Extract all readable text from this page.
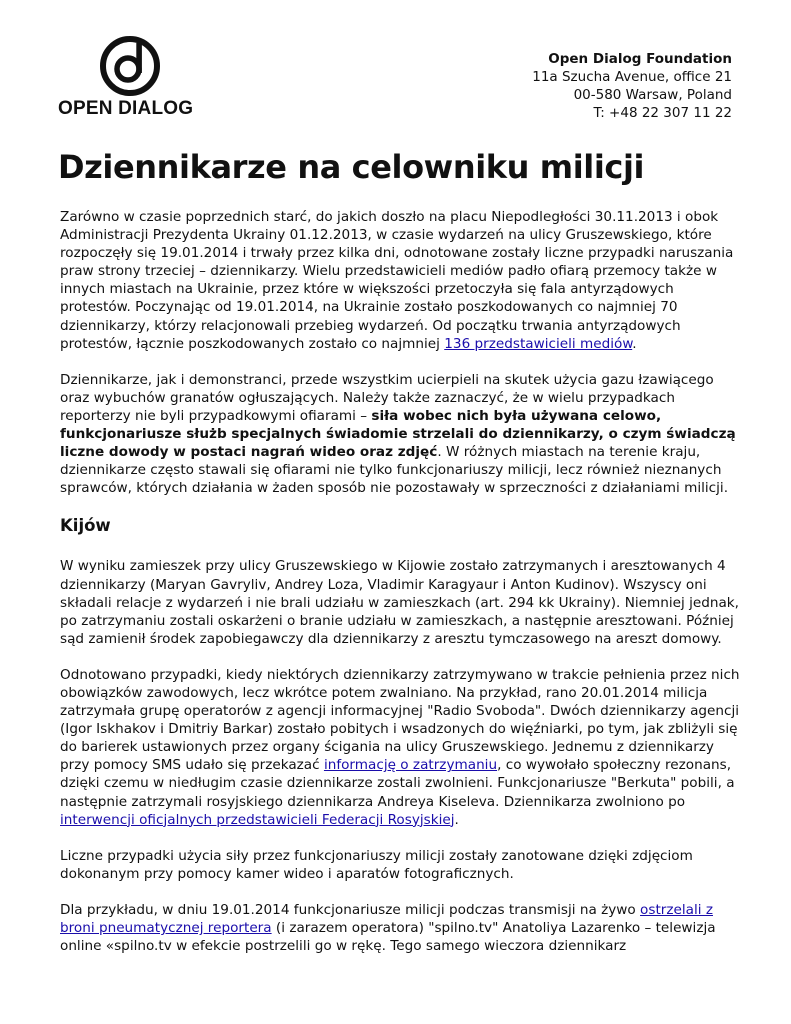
OPEN DIALOG
Open Dialog Foundation
11a Szucha Avenue, office 21
00-580 Warsaw, Poland
T: +48 22 307 11 22
Dziennikarze na celowniku milicji

Zarówno w czasie poprzednich starć, do jakich doszło na placu Niepodległości 30.11.2013 i obok Administracji Prezydenta Ukrainy 01.12.2013, w czasie wydarzeń na ulicy Gruszewskiego, które rozpoczęły się 19.01.2014 i trwały przez kilka dni, odnotowane zostały liczne przypadki naruszania praw strony trzeciej – dziennikarzy. Wielu przedstawicieli mediów padło ofiarą przemocy także w innych miastach na Ukrainie, przez które w większości przetoczyła się fala antyrządowych protestów. Poczynając od 19.01.2014, na Ukrainie zostało poszkodowanych co najmniej 70 dziennikarzy, którzy relacjonowali przebieg wydarzeń. Od początku trwania antyrządowych protestów, łącznie poszkodowanych zostało co najmniej 136 przedstawicieli mediów.

Dziennikarze, jak i demonstranci, przede wszystkim ucierpieli na skutek użycia gazu łzawiącego oraz wybuchów granatów ogłuszających. Należy także zaznaczyć, że w wielu przypadkach reporterzy nie byli przypadkowymi ofiarami – siła wobec nich była używana celowo, funkcjonariusze służb specjalnych świadomie strzelali do dziennikarzy, o czym świadczą liczne dowody w postaci nagrań wideo oraz zdjęć. W różnych miastach na terenie kraju, dziennikarze często stawali się ofiarami nie tylko funkcjonariuszy milicji, lecz również nieznanych sprawców, których działania w żaden sposób nie pozostawały w sprzeczności z działaniami milicji.

Kijów

W wyniku zamieszek przy ulicy Gruszewskiego w Kijowie zostało zatrzymanych i aresztowanych 4 dziennikarzy (Maryan Gavryliv, Andrey Loza, Vladimir Karagyaur i Anton Kudinov). Wszyscy oni składali relacje z wydarzeń i nie brali udziału w zamieszkach (art. 294 kk Ukrainy). Niemniej jednak, po zatrzymaniu zostali oskarżeni o branie udziału w zamieszkach, a następnie aresztowani. Później sąd zamienił środek zapobiegawczy dla dziennikarzy z aresztu tymczasowego na areszt domowy.

Odnotowano przypadki, kiedy niektórych dziennikarzy zatrzymywano w trakcie pełnienia przez nich obowiązków zawodowych, lecz wkrótce potem zwalniano. Na przykład, rano 20.01.2014 milicja zatrzymała grupę operatorów z agencji informacyjnej "Radio Svoboda". Dwóch dziennikarzy agencji (Igor Iskhakov i Dmitriy Barkar) zostało pobitych i wsadzonych do więźniarki, po tym, jak zbliżyli się do barierek ustawionych przez organy ścigania na ulicy Gruszewskiego. Jednemu z dziennikarzy przy pomocy SMS udało się przekazać informację o zatrzymaniu, co wywołało społeczny rezonans, dzięki czemu w niedługim czasie dziennikarze zostali zwolnieni. Funkcjonariusze "Berkuta" pobili, a następnie zatrzymali rosyjskiego dziennikarza Andreya Kiseleva. Dziennikarza zwolniono po interwencji oficjalnych przedstawicieli Federacji Rosyjskiej.

Liczne przypadki użycia siły przez funkcjonariuszy milicji zostały zanotowane dzięki zdjęciom dokonanym przy pomocy kamer wideo i aparatów fotograficznych.

Dla przykładu, w dniu 19.01.2014 funkcjonariusze milicji podczas transmisji na żywo ostrzelali z broni pneumatycznej reportera (i zarazem operatora) "spilno.tv" Anatoliya Lazarenko – telewizja online «spilno.tv w efekcie postrzelili go w rękę. Tego samego wieczora dziennikarz
